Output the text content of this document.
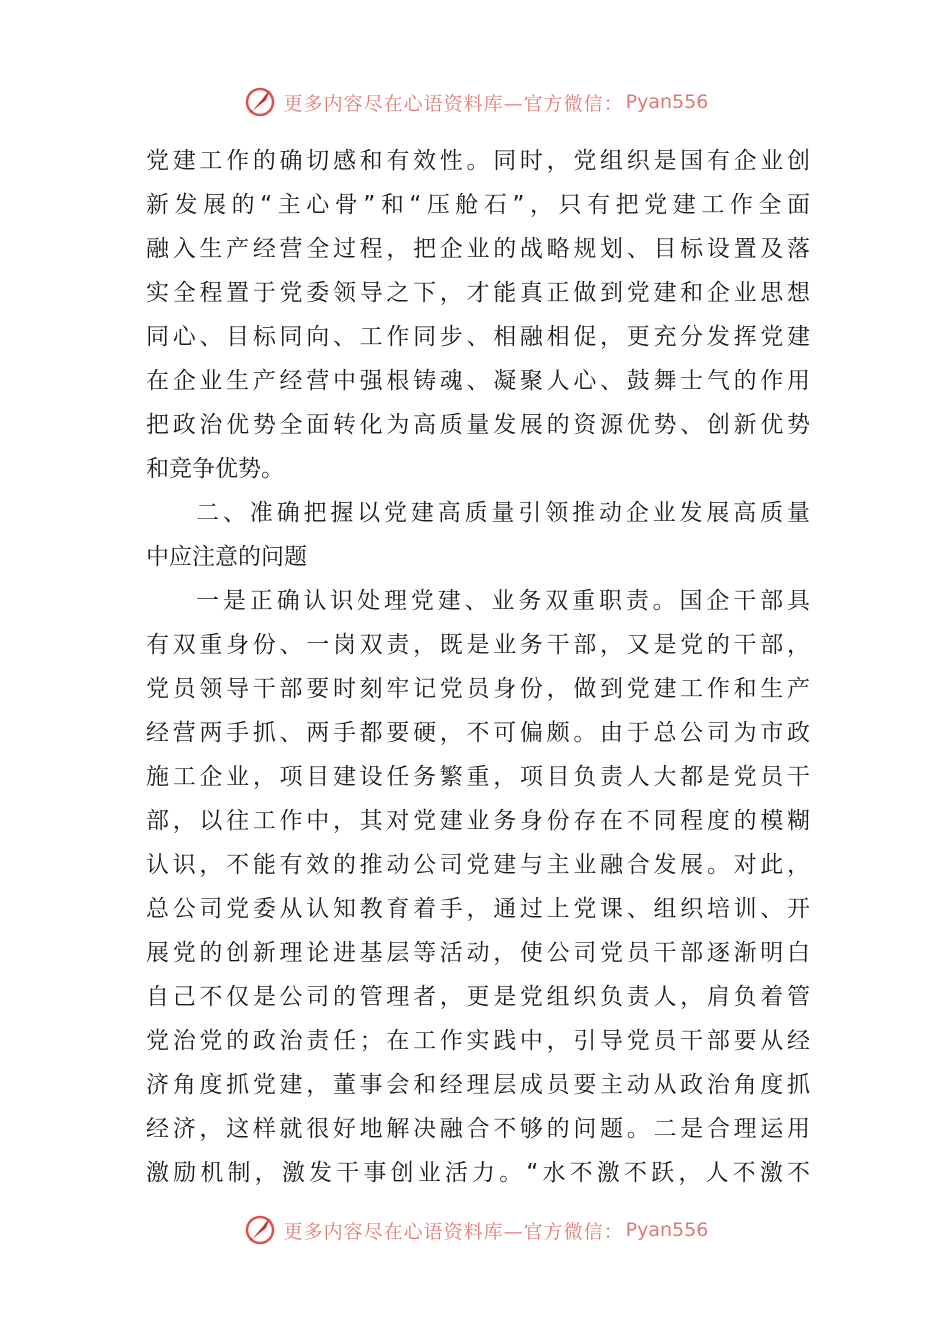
更多内容尽在心语资料库—官方微信： Pyan556
党建工作的确切感和有效性。同时，党组织是国有企业创
新发展的“主心骨”和“压舱石”，只有把党建工作全面
融入生产经营全过程，把企业的战略规划、目标设置及落
实全程置于党委领导之下，才能真正做到党建和企业思想
同心、目标同向、工作同步、相融相促，更充分发挥党建
在企业生产经营中强根铸魂、凝聚人心、鼓舞士气的作用
把政治优势全面转化为高质量发展的资源优势、创新优势
和竞争优势。
二、准确把握以党建高质量引领推动企业发展高质量
中应注意的问题
一是正确认识处理党建、业务双重职责。国企干部具
有双重身份、一岗双责，既是业务干部，又是党的干部，
党员领导干部要时刻牢记党员身份，做到党建工作和生产
经营两手抓、两手都要硬，不可偏颇。由于总公司为市政
施工企业，项目建设任务繁重，项目负责人大都是党员干
部，以往工作中，其对党建业务身份存在不同程度的模糊
认识，不能有效的推动公司党建与主业融合发展。对此，
总公司党委从认知教育着手，通过上党课、组织培训、开
展党的创新理论进基层等活动，使公司党员干部逐渐明白
自己不仅是公司的管理者，更是党组织负责人，肩负着管
党治党的政治责任；在工作实践中，引导党员干部要从经
济角度抓党建，董事会和经理层成员要主动从政治角度抓
经济，这样就很好地解决融合不够的问题。二是合理运用
激励机制，激发干事创业活力。“水不激不跃，人不激不
更多内容尽在心语资料库—官方微信： Pyan556
